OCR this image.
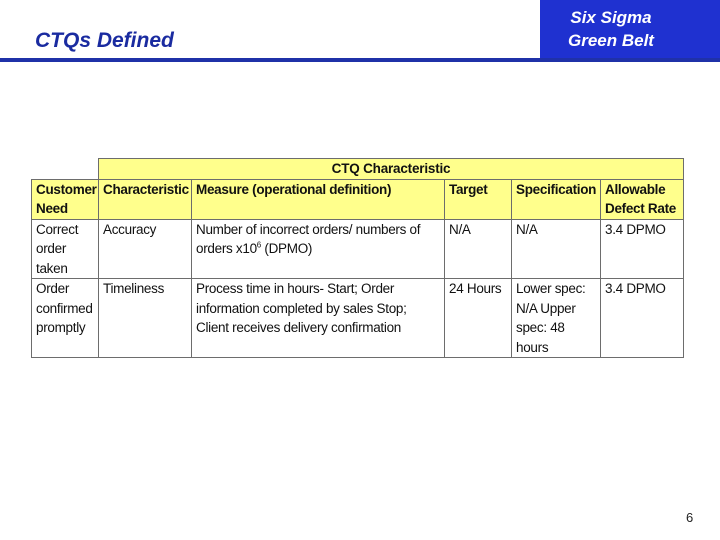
CTQs Defined
Six Sigma
Green Belt
	CTQ Characteristic				
Customer Need	Characteristic	Measure (operational definition)	Target	Specification	Allowable Defect Rate
Correct order taken	Accuracy	Number of incorrect orders/ numbers of orders $x10^6$ (DPMO)	N/A	N/A	3.4 DPMO
Order confirmed promptly	Timeliness	Process time in hours- Start; Order information completed by sales Stop; Client receives delivery confirmation	24 Hours	Lower spec: N/A Upper spec: 48 hours	3.4 DPMO
6
